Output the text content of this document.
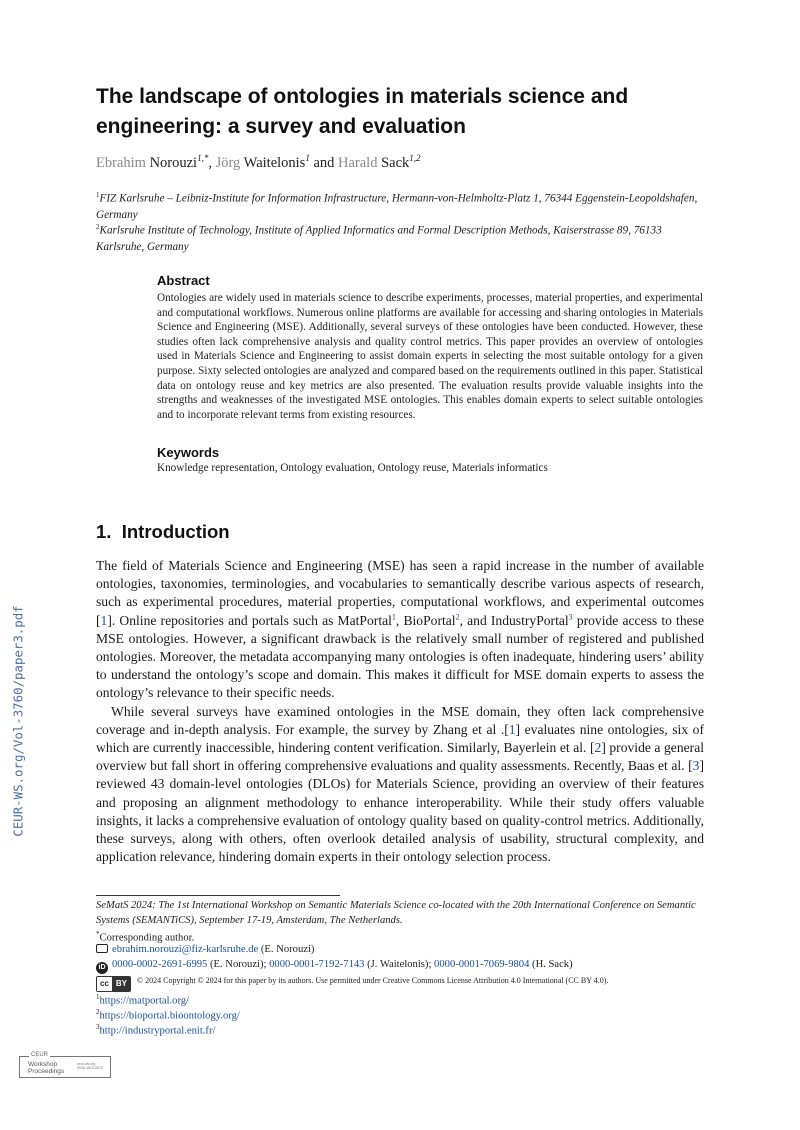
CEUR-WS.org/Vol-3760/paper3.pdf
The landscape of ontologies in materials science and engineering: a survey and evaluation
Ebrahim Norouzi$^{1,*}$, Jörg Waitelonis$^1$ and Harald Sack$^{1,2}$
$^1$FIZ Karlsruhe – Leibniz-Institute for Information Infrastructure, Hermann-von-Helmholtz-Platz 1, 76344 Eggenstein-Leopoldshafen, Germany
$^2$Karlsruhe Institute of Technology, Institute of Applied Informatics and Formal Description Methods, Kaiserstrasse 89, 76133 Karlsruhe, Germany
Abstract
Ontologies are widely used in materials science to describe experiments, processes, material properties, and experimental and computational workflows. Numerous online platforms are available for accessing and sharing ontologies in Materials Science and Engineering (MSE). Additionally, several surveys of these ontologies have been conducted. However, these studies often lack comprehensive analysis and quality control metrics. This paper provides an overview of ontologies used in Materials Science and Engineering to assist domain experts in selecting the most suitable ontology for a given purpose. Sixty selected ontologies are analyzed and compared based on the requirements outlined in this paper. Statistical data on ontology reuse and key metrics are also presented. The evaluation results provide valuable insights into the strengths and weaknesses of the investigated MSE ontologies. This enables domain experts to select suitable ontologies and to incorporate relevant terms from existing resources.
Keywords
Knowledge representation, Ontology evaluation, Ontology reuse, Materials informatics
1. Introduction

The field of Materials Science and Engineering (MSE) has seen a rapid increase in the number of available ontologies, taxonomies, terminologies, and vocabularies to semantically describe various aspects of research, such as experimental procedures, material properties, computational workflows, and experimental outcomes [1]. Online repositories and portals such as MatPortal$^1$, BioPortal$^2$, and IndustryPortal$^3$ provide access to these MSE ontologies. However, a significant drawback is the relatively small number of registered and published ontologies. Moreover, the metadata accompanying many ontologies is often inadequate, hindering users’ ability to understand the ontology’s scope and domain. This makes it difficult for MSE domain experts to assess the ontology’s relevance to their specific needs.

While several surveys have examined ontologies in the MSE domain, they often lack comprehensive coverage and in-depth analysis. For example, the survey by Zhang et al .[1] evaluates nine ontologies, six of which are currently inaccessible, hindering content verification. Similarly, Bayerlein et al. [2] provide a general overview but fall short in offering comprehensive evaluations and quality assessments. Recently, Baas et al. [3] reviewed 43 domain-level ontologies (DLOs) for Materials Science, providing an overview of their features and proposing an alignment methodology to enhance interoperability. While their study offers valuable insights, it lacks a comprehensive evaluation of ontology quality based on quality-control metrics. Additionally, these surveys, along with others, often overlook detailed analysis of usability, structural complexity, and application relevance, hindering domain experts in their ontology selection process.

SeMatS 2024: The 1st International Workshop on Semantic Materials Science co-located with the 20th International Conference on Semantic Systems (SEMANTiCS), September 17-19, Amsterdam, The Netherlands.
*Corresponding author.
ebrahim.norouzi@fiz-karlsruhe.de (E. Norouzi)
iD 0000-0002-2691-6995 (E. Norouzi); 0000-0001-7192-7143 (J. Waitelonis); 0000-0001-7069-9804 (H. Sack)
cc BY	© 2024 Copyright © 2024 for this paper by its authors. Use permitted under Creative Commons License Attribution 4.0 International (CC BY 4.0).
$^1$https://matportal.org/
$^2$https://bioportal.bioontology.org/
$^3$http://industryportal.enit.fr/
CEUR
Workshop
Proceedings
ceur-ws.org
ISSN 1613-0073
